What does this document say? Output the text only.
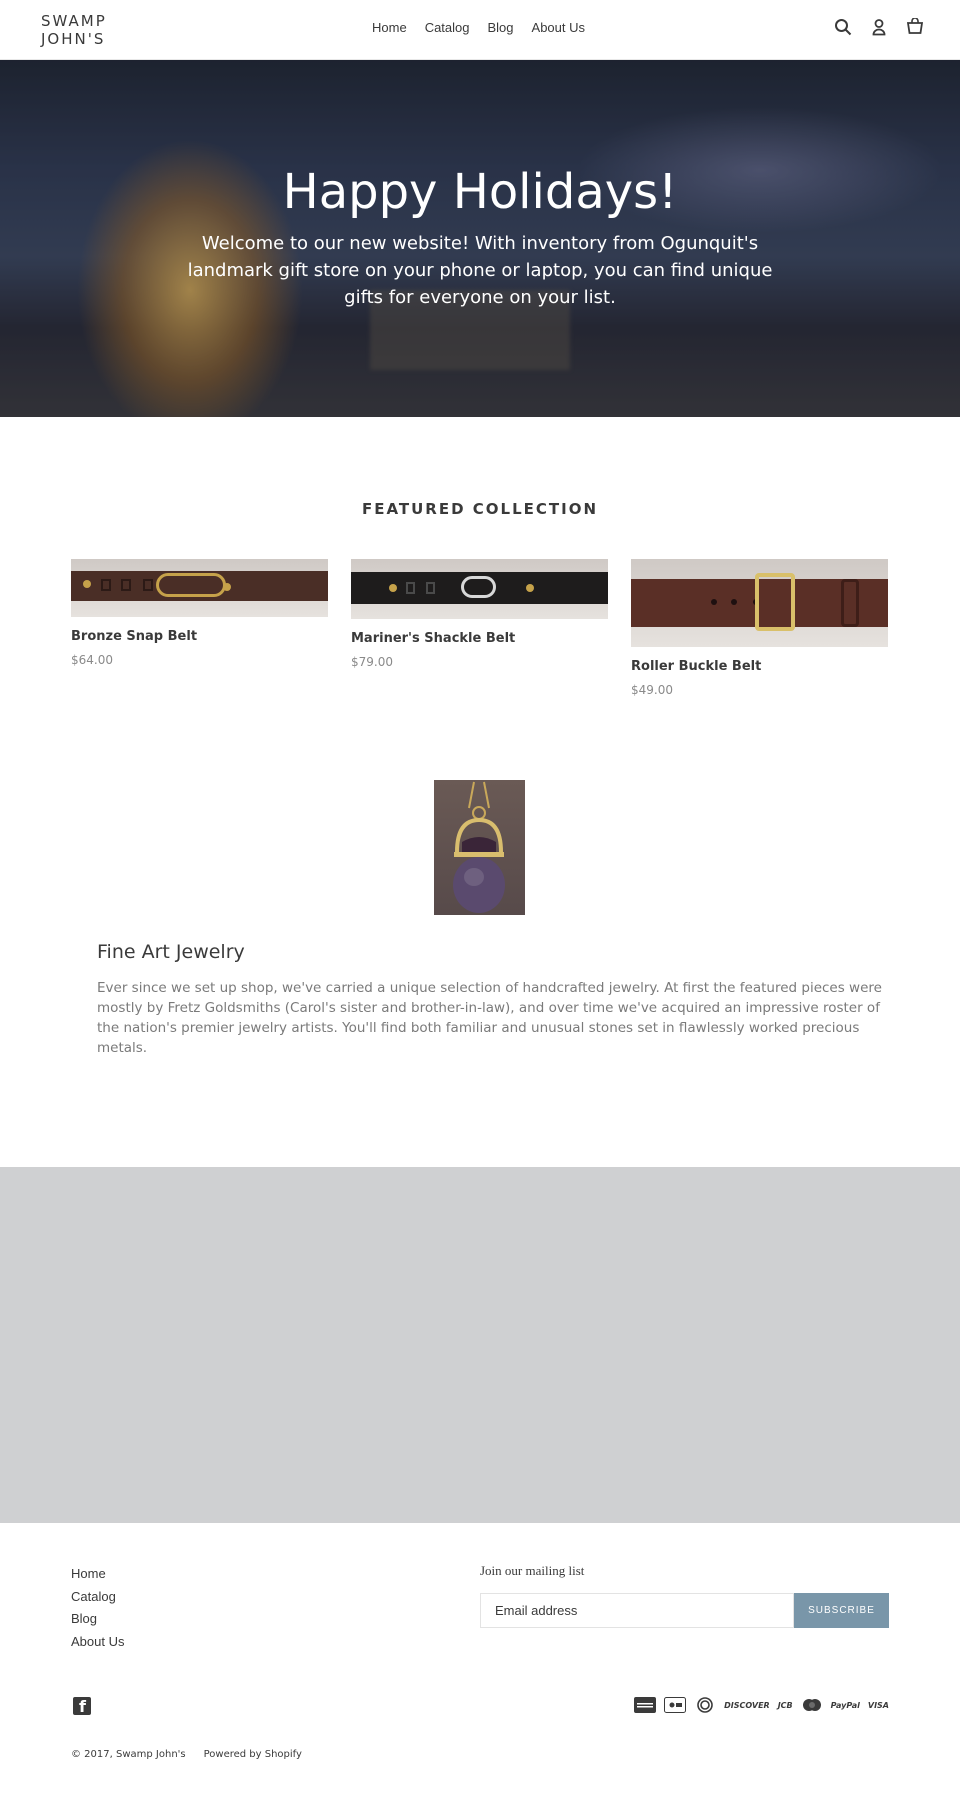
SWAMP JOHN'S
Home Catalog Blog About Us
Happy Holidays!

Welcome to our new website! With inventory from Ogunquit's landmark gift store on your phone or laptop, you can find unique gifts for everyone on your list.

FEATURED COLLECTION
Bronze Snap Belt
$64.00
Mariner's Shackle Belt
$79.00	Roller Buckle Belt
$49.00
Fine Art Jewelry

Ever since we set up shop, we've carried a unique selection of handcrafted jewelry. At first the featured pieces were mostly by Fretz Goldsmiths (Carol's sister and brother-in-law), and over time we've acquired an impressive roster of the nation's premier jewelry artists. You'll find both familiar and unusual stones set in flawlessly worked precious metals.

Home
Catalog
Blog
About Us
Join our mailing list
Email address
SUBSCRIBE
f
DISCOVER JCB	PayPal VISA
© 2017, Swamp John's Powered by Shopify
